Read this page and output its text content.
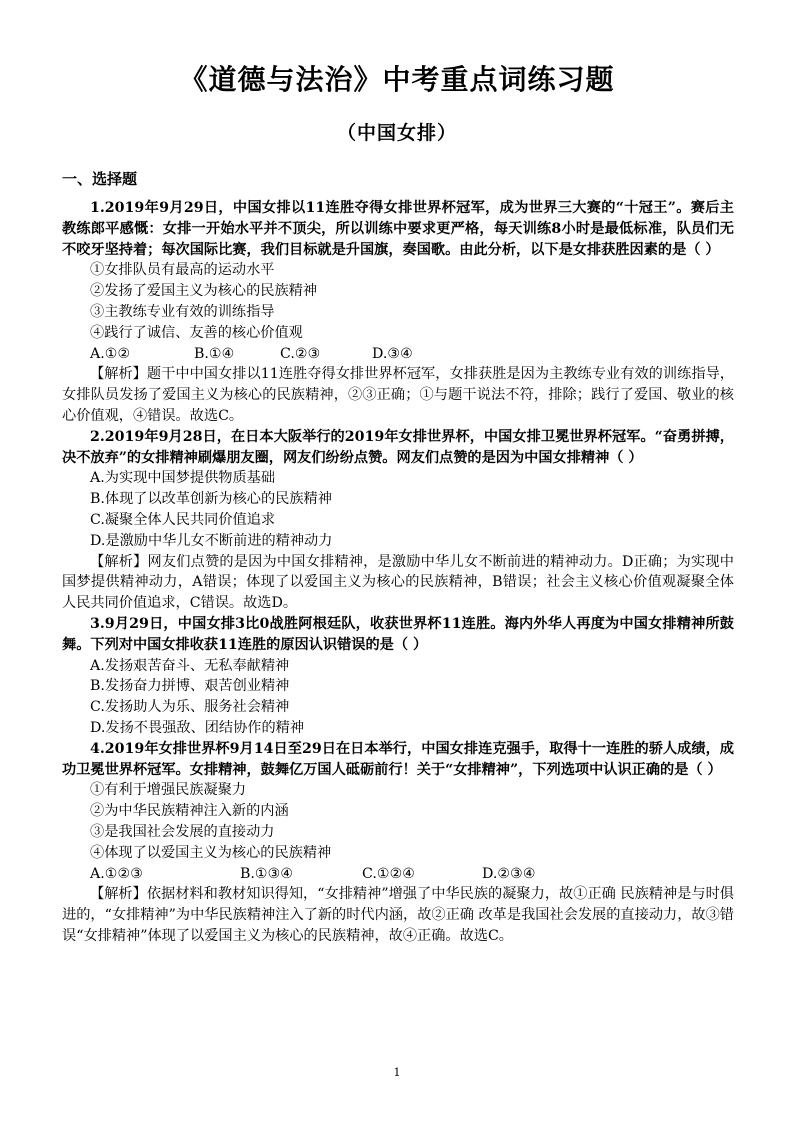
《道德与法治》中考重点词练习题
（中国女排）
一、选择题

1.2019年9月29日，中国女排以11连胜夺得女排世界杯冠军，成为世界三大赛的“十冠王”。赛后主教练郎平感慨：女排一开始水平并不顶尖，所以训练中要求更严格，每天训练8小时是最低标准，队员们无不咬牙坚持着；每次国际比赛，我们目标就是升国旗，奏国歌。由此分析，以下是女排获胜因素的是（ ）

①女排队员有最高的运动水平

②发扬了爱国主义为核心的民族精神

③主教练专业有效的训练指导

④践行了诚信、友善的核心价值观

A.①②	B.①④	C.②③	D.③④

【解析】题干中中国女排以11连胜夺得女排世界杯冠军，女排获胜是因为主教练专业有效的训练指导，女排队员发扬了爱国主义为核心的民族精神，②③正确；①与题干说法不符，排除；践行了爱国、敬业的核心价值观，④错误。故选C。

2.2019年9月28日，在日本大阪举行的2019年女排世界杯，中国女排卫冕世界杯冠军。“奋勇拼搏，决不放弃”的女排精神刷爆朋友圈，网友们纷纷点赞。网友们点赞的是因为中国女排精神（ ）

A.为实现中国梦提供物质基础

B.体现了以改革创新为核心的民族精神

C.凝聚全体人民共同价值追求

D.是激励中华儿女不断前进的精神动力

【解析】网友们点赞的是因为中国女排精神，是激励中华儿女不断前进的精神动力。D正确；为实现中国梦提供精神动力，A错误；体现了以爱国主义为核心的民族精神，B错误；社会主义核心价值观凝聚全体人民共同价值追求，C错误。故选D。

3.9月29日，中国女排3比0战胜阿根廷队，收获世界杯11连胜。海内外华人再度为中国女排精神所鼓舞。下列对中国女排收获11连胜的原因认识错误的是（ ）

A.发扬艰苦奋斗、无私奉献精神

B.发扬奋力拼博、艰苦创业精神

C.发扬助人为乐、服务社会精神

D.发扬不畏强敌、团结协作的精神

4.2019年女排世界杯9月14日至29日在日本举行，中国女排连克强手，取得十一连胜的骄人成绩，成功卫冕世界杯冠军。女排精神，鼓舞亿万国人砥砺前行！关于“女排精神”，下列选项中认识正确的是（ ）

①有利于增强民族凝聚力

②为中华民族精神注入新的内涵

③是我国社会发展的直接动力

④体现了以爱国主义为核心的民族精神

A.①②③	B.①③④	C.①②④	D.②③④

【解析】依据材料和教材知识得知，“女排精神”增强了中华民族的凝聚力，故①正确 民族精神是与时俱进的，“女排精神”为中华民族精神注入了新的时代内涵，故②正确 改革是我国社会发展的直接动力，故③错误“女排精神”体现了以爱国主义为核心的民族精神，故④正确。故选C。

1
